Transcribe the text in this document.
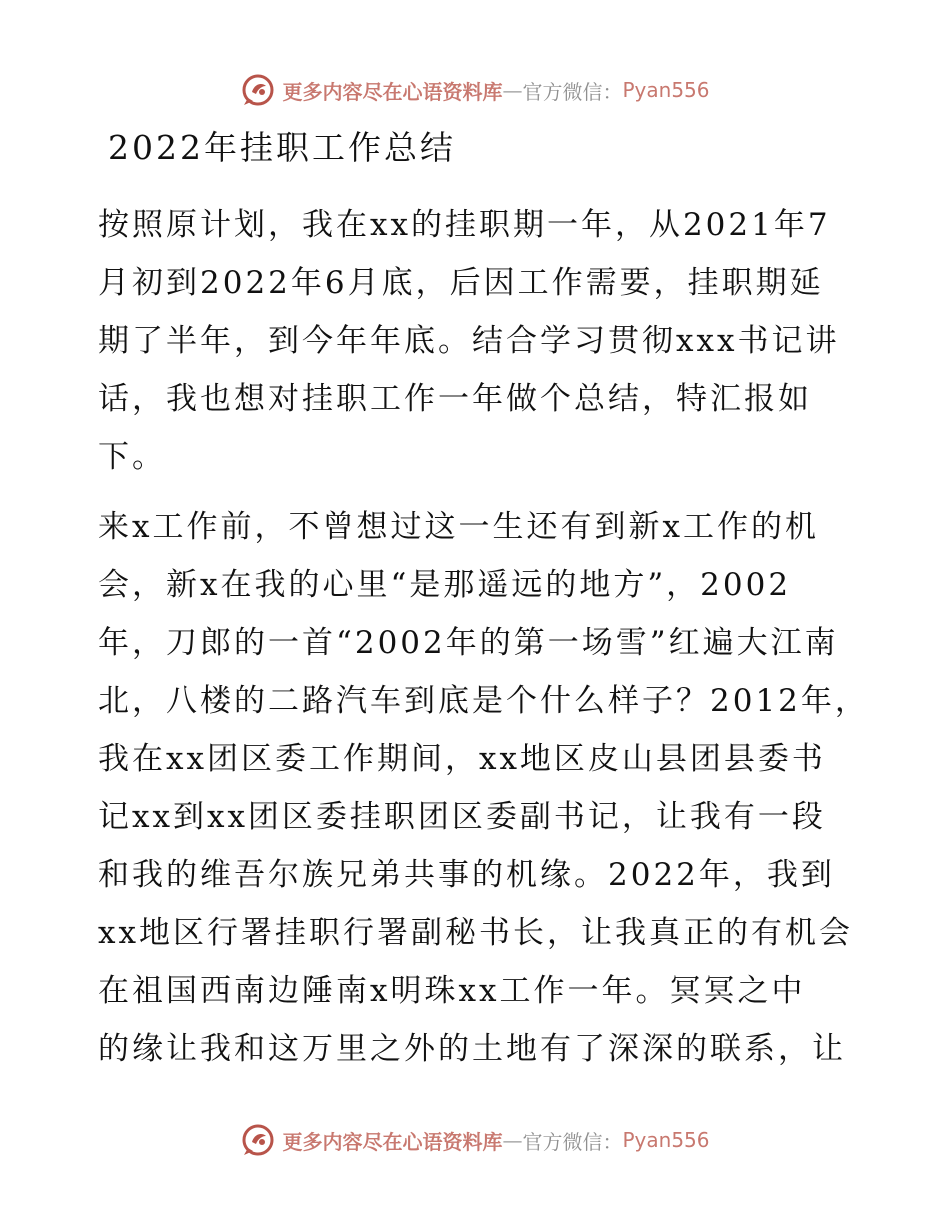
更多内容尽在心语资料库 — 官方微信： Pyan556
2022年挂职工作总结
按照原计划，我在xx的挂职期一年，从2021年7
月初到2022年6月底，后因工作需要，挂职期延
期了半年，到今年年底。结合学习贯彻xxx书记讲
话，我也想对挂职工作一年做个总结，特汇报如
下。
来x工作前，不曾想过这一生还有到新x工作的机
会，新x在我的心里“是那遥远的地方”，2002
年，刀郎的一首“2002年的第一场雪”红遍大江南
北，八楼的二路汽车到底是个什么样子？2012年，
我在xx团区委工作期间，xx地区皮山县团县委书
记xx到xx团区委挂职团区委副书记，让我有一段
和我的维吾尔族兄弟共事的机缘。2022年，我到
xx地区行署挂职行署副秘书长，让我真正的有机会
在祖国西南边陲南x明珠xx工作一年。冥冥之中
的缘让我和这万里之外的土地有了深深的联系，让
更多内容尽在心语资料库 — 官方微信： Pyan556
